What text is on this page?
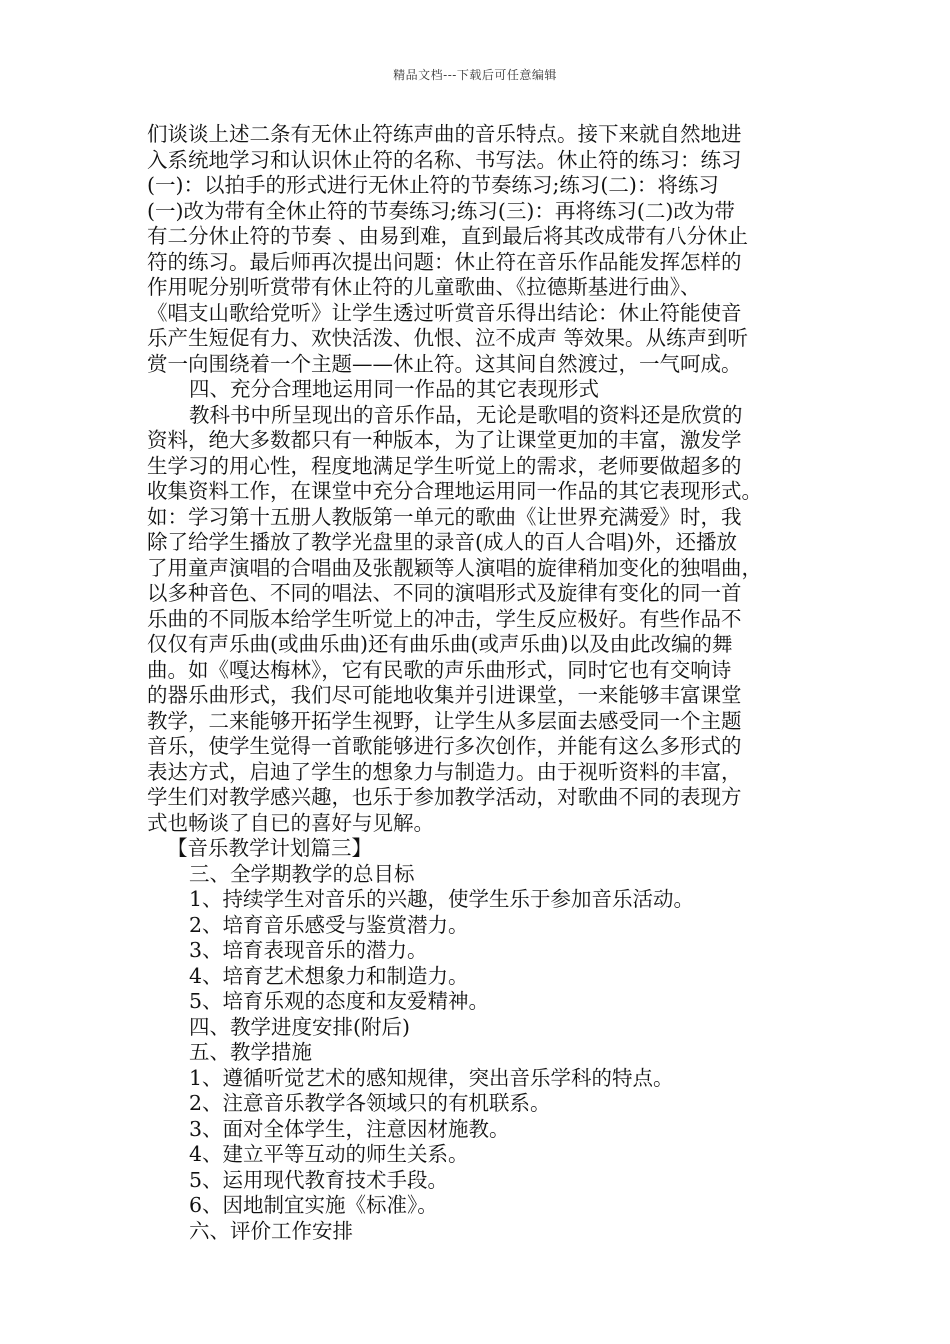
精品文档---下载后可任意编辑
们谈谈上述二条有无休止符练声曲的音乐特点。接下来就自然地进
入系统地学习和认识休止符的名称、书写法。休止符的练习：练习
(一)：以拍手的形式进行无休止符的节奏练习;练习(二)：将练习
(一)改为带有全休止符的节奏练习;练习(三)：再将练习(二)改为带
有二分休止符的节奏 、由易到难，直到最后将其改成带有八分休止
符的练习。最后师再次提出问题：休止符在音乐作品能发挥怎样的
作用呢分别听赏带有休止符的儿童歌曲、《拉德斯基进行曲》、
《唱支山歌给党听》让学生透过听赏音乐得出结论：休止符能使音
乐产生短促有力、欢快活泼、仇恨、泣不成声 等效果。从练声到听
赏一向围绕着一个主题——休止符。这其间自然渡过，一气呵成。
四、充分合理地运用同一作品的其它表现形式
教科书中所呈现出的音乐作品，无论是歌唱的资料还是欣赏的
资料，绝大多数都只有一种版本，为了让课堂更加的丰富，激发学
生学习的用心性，程度地满足学生听觉上的需求，老师要做超多的
收集资料工作，在课堂中充分合理地运用同一作品的其它表现形式。
如：学习第十五册人教版第一单元的歌曲《让世界充满爱》时，我
除了给学生播放了教学光盘里的录音(成人的百人合唱)外，还播放
了用童声演唱的合唱曲及张靓颖等人演唱的旋律稍加变化的独唱曲，
以多种音色、不同的唱法、不同的演唱形式及旋律有变化的同一首
乐曲的不同版本给学生听觉上的冲击，学生反应极好。有些作品不
仅仅有声乐曲(或曲乐曲)还有曲乐曲(或声乐曲)以及由此改编的舞
曲。如《嘎达梅林》，它有民歌的声乐曲形式，同时它也有交响诗
的器乐曲形式，我们尽可能地收集并引进课堂，一来能够丰富课堂
教学，二来能够开拓学生视野，让学生从多层面去感受同一个主题
音乐，使学生觉得一首歌能够进行多次创作，并能有这么多形式的
表达方式，启迪了学生的想象力与制造力。由于视听资料的丰富，
学生们对教学感兴趣，也乐于参加教学活动，对歌曲不同的表现方
式也畅谈了自已的喜好与见解。
【音乐教学计划篇三】
三、全学期教学的总目标
1、持续学生对音乐的兴趣，使学生乐于参加音乐活动。
2、培育音乐感受与鉴赏潜力。
3、培育表现音乐的潜力。
4、培育艺术想象力和制造力。
5、培育乐观的态度和友爱精神。
四、教学进度安排(附后)
五、教学措施
1、遵循听觉艺术的感知规律，突出音乐学科的特点。
2、注意音乐教学各领域只的有机联系。
3、面对全体学生，注意因材施教。
4、建立平等互动的师生关系。
5、运用现代教育技术手段。
6、因地制宜实施《标准》。
六、评价工作安排
